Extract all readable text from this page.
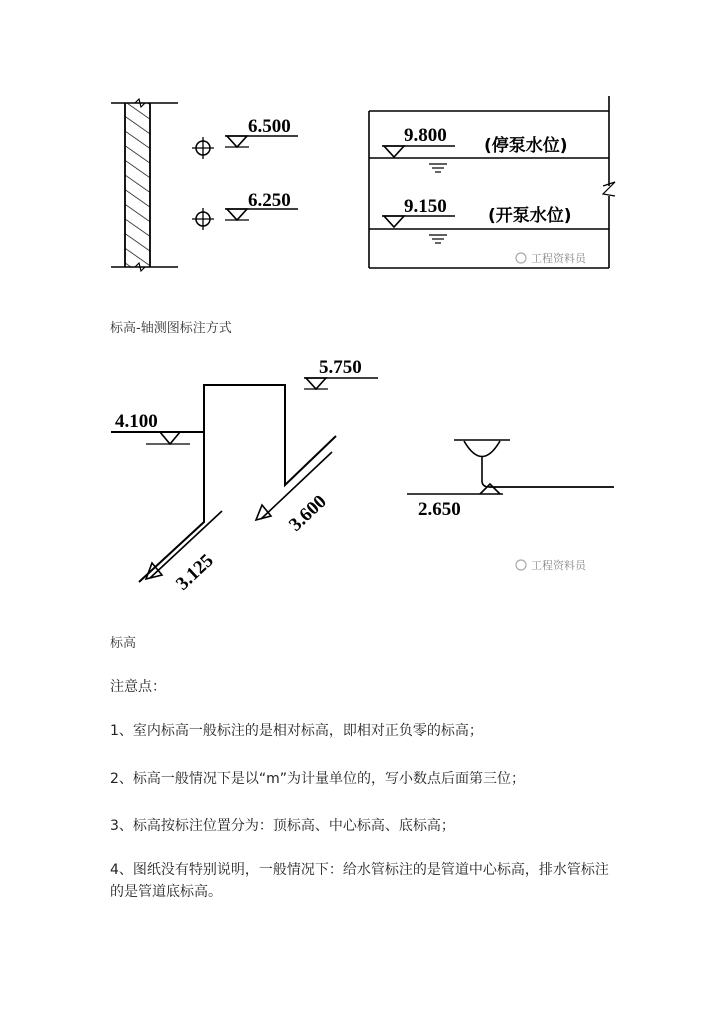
6.500
6.250
9.800 (停泵水位)
9.150 (开泵水位)
工程资料员
5.750
4.100
3.600
3.125
2.650
工程资料员
标高-轴测图标注方式
标高
注意点：
1、室内标高一般标注的是相对标高，即相对正负零的标高；
2、标高一般情况下是以“m”为计量单位的，写小数点后面第三位；
3、标高按标注位置分为：顶标高、中心标高、底标高；
4、图纸没有特别说明，一般情况下：给水管标注的是管道中心标高，排水管标注的是管道底标高。
